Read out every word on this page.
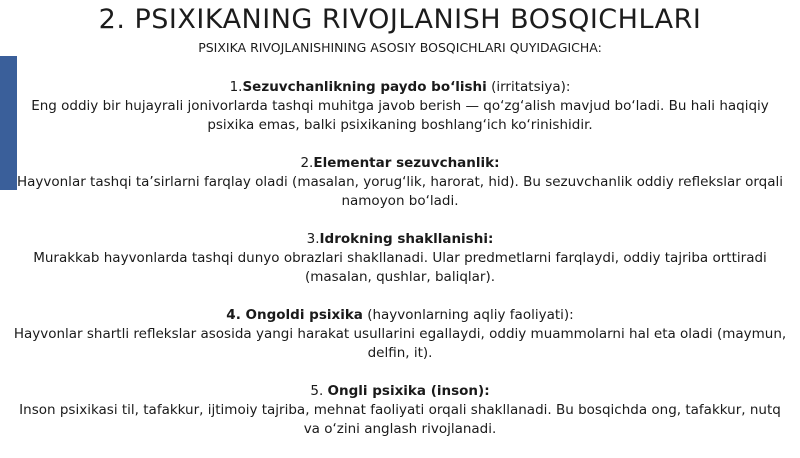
2. PSIXIKANING RIVOJLANISH BOSQICHLARI
PSIXIKA RIVOJLANISHINING ASOSIY BOSQICHLARI QUYIDAGICHA:

1.Sezuvchanlikning paydo bo‘lishi (irritatsiya):

Eng oddiy bir hujayrali jonivorlarda tashqi muhitga javob berish — qo‘zg‘alish mavjud bo‘ladi. Bu hali haqiqiy psixika emas, balki psixikaning boshlang‘ich ko‘rinishidir.

2.Elementar sezuvchanlik:

Hayvonlar tashqi ta’sirlarni farqlay oladi (masalan, yorug‘lik, harorat, hid). Bu sezuvchanlik oddiy reflekslar orqali namoyon bo‘ladi.

3.Idrokning shakllanishi:

Murakkab hayvonlarda tashqi dunyo obrazlari shakllanadi. Ular predmetlarni farqlaydi, oddiy tajriba orttiradi (masalan, qushlar, baliqlar).

4. Ongoldi psixika (hayvonlarning aqliy faoliyati):

Hayvonlar shartli reflekslar asosida yangi harakat usullarini egallaydi, oddiy muammolarni hal eta oladi (maymun, delfin, it).

5. Ongli psixika (inson):

Inson psixikasi til, tafakkur, ijtimoiy tajriba, mehnat faoliyati orqali shakllanadi. Bu bosqichda ong, tafakkur, nutq va o‘zini anglash rivojlanadi.
